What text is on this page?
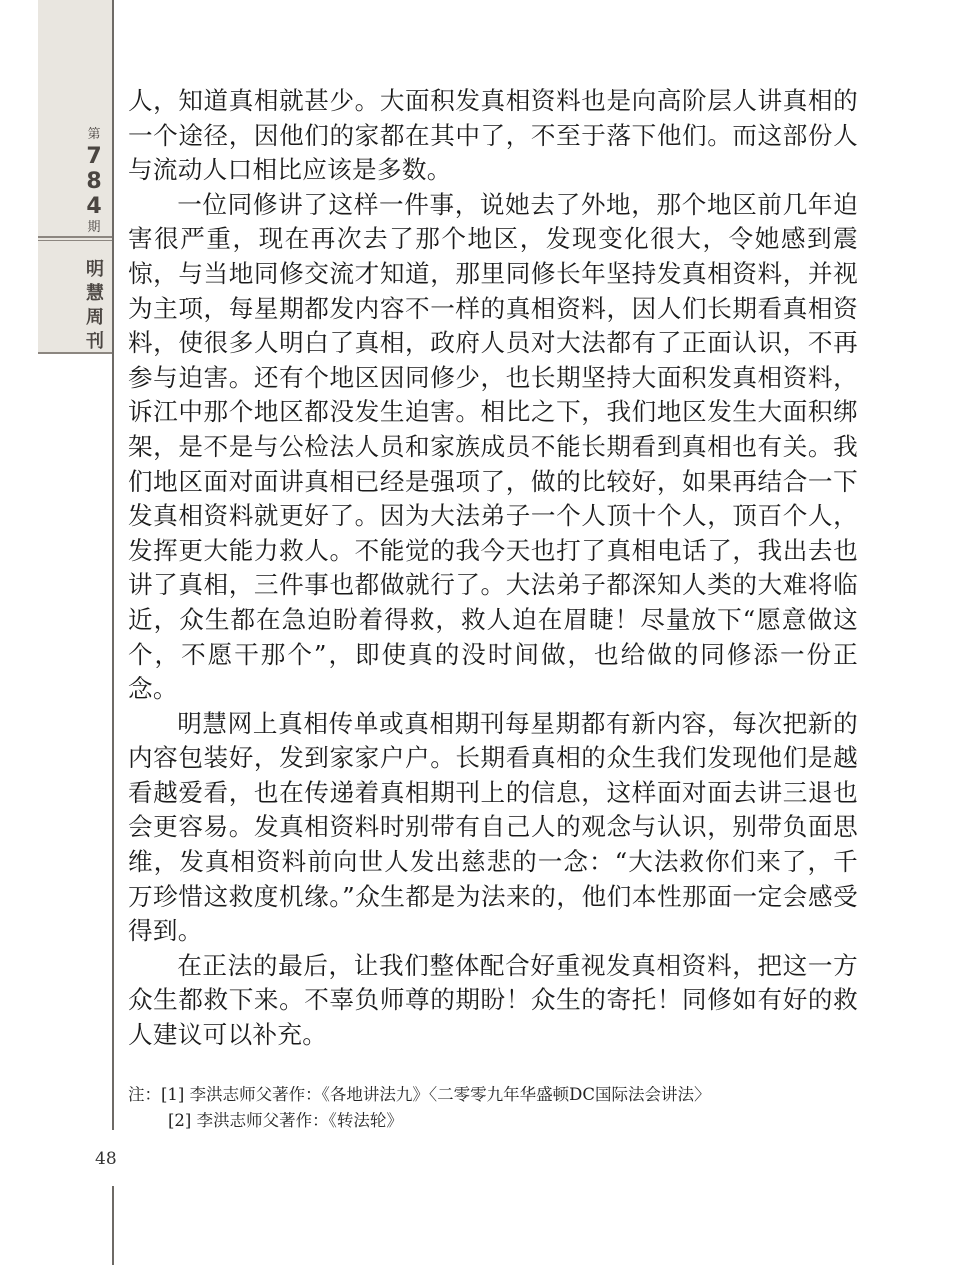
第
7
8
4
期
明
慧
周
刊

人，知道真相就甚少。大面积发真相资料也是向高阶层人讲真相的一个途径，因他们的家都在其中了，不至于落下他们。而这部份人与流动人口相比应该是多数。

一位同修讲了这样一件事，说她去了外地，那个地区前几年迫害很严重，现在再次去了那个地区，发现变化很大，令她感到震惊，与当地同修交流才知道，那里同修长年坚持发真相资料，并视为主项，每星期都发内容不一样的真相资料，因人们长期看真相资料，使很多人明白了真相，政府人员对大法都有了正面认识，不再参与迫害。还有个地区因同修少，也长期坚持大面积发真相资料，诉江中那个地区都没发生迫害。相比之下，我们地区发生大面积绑架，是不是与公检法人员和家族成员不能长期看到真相也有关。我们地区面对面讲真相已经是强项了，做的比较好，如果再结合一下发真相资料就更好了。因为大法弟子一个人顶十个人，顶百个人，发挥更大能力救人。不能觉的我今天也打了真相电话了，我出去也讲了真相，三件事也都做就行了。大法弟子都深知人类的大难将临近，众生都在急迫盼着得救，救人迫在眉睫！尽量放下“愿意做这个，不愿干那个”，即使真的没时间做，也给做的同修添一份正念。

明慧网上真相传单或真相期刊每星期都有新内容，每次把新的内容包装好，发到家家户户。长期看真相的众生我们发现他们是越看越爱看，也在传递着真相期刊上的信息，这样面对面去讲三退也会更容易。发真相资料时别带有自己人的观念与认识，别带负面思维，发真相资料前向世人发出慈悲的一念：“大法救你们来了，千万珍惜这救度机缘。”众生都是为法来的，他们本性那面一定会感受得到。

在正法的最后，让我们整体配合好重视发真相资料，把这一方众生都救下来。不辜负师尊的期盼！众生的寄托！同修如有好的救人建议可以补充。

注：[1] 李洪志师父著作：《各地讲法九》〈二零零九年华盛顿DC国际法会讲法〉
[2] 李洪志师父著作：《转法轮》
48
